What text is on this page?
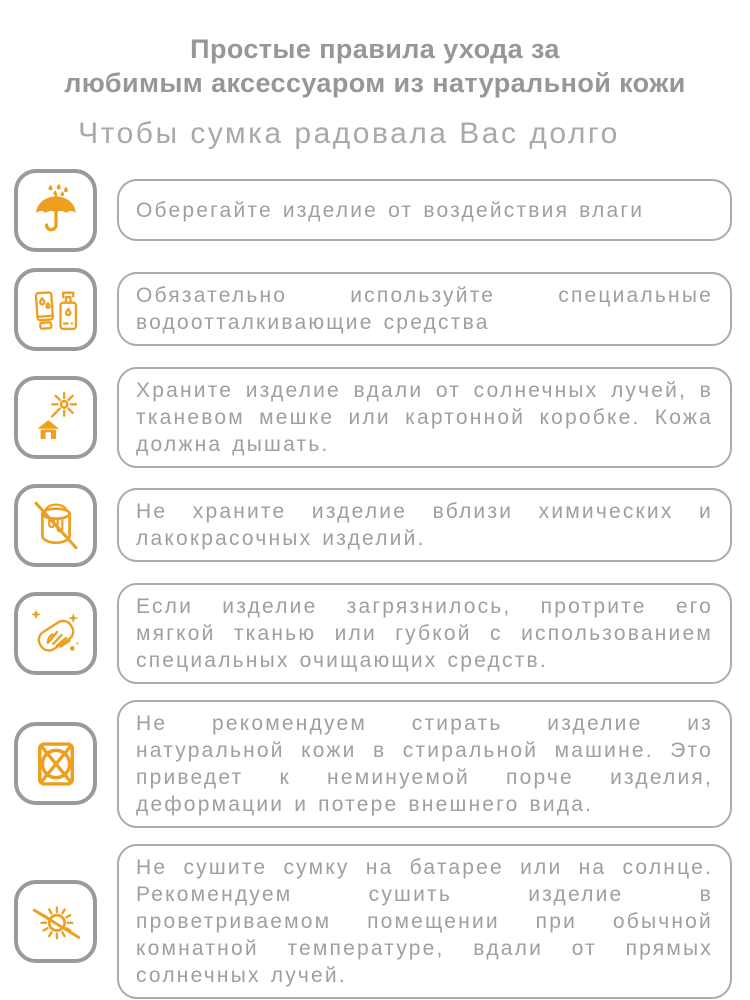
Простые правила ухода за
любимым аксессуаром из натуральной кожи
Чтобы сумка радовала Вас долго

Оберегайте изделие от воздействия влаги

Обязательно используйте специальные водоотталкивающие средства

Храните изделие вдали от солнечных лучей, в тканевом мешке или картонной коробке. Кожа должна дышать.

Не храните изделие вблизи химических и лакокрасочных изделий.

Если изделие загрязнилось, протрите его мягкой тканью или губкой с использованием специальных очищающих средств.

Не рекомендуем стирать изделие из натуральной кожи в стиральной машине. Это приведет к неминуемой порче изделия, деформации и потере внешнего вида.

Не сушите сумку на батарее или на солнце. Рекомендуем сушить изделие в проветриваемом помещении при обычной комнатной температуре, вдали от прямых солнечных лучей.
